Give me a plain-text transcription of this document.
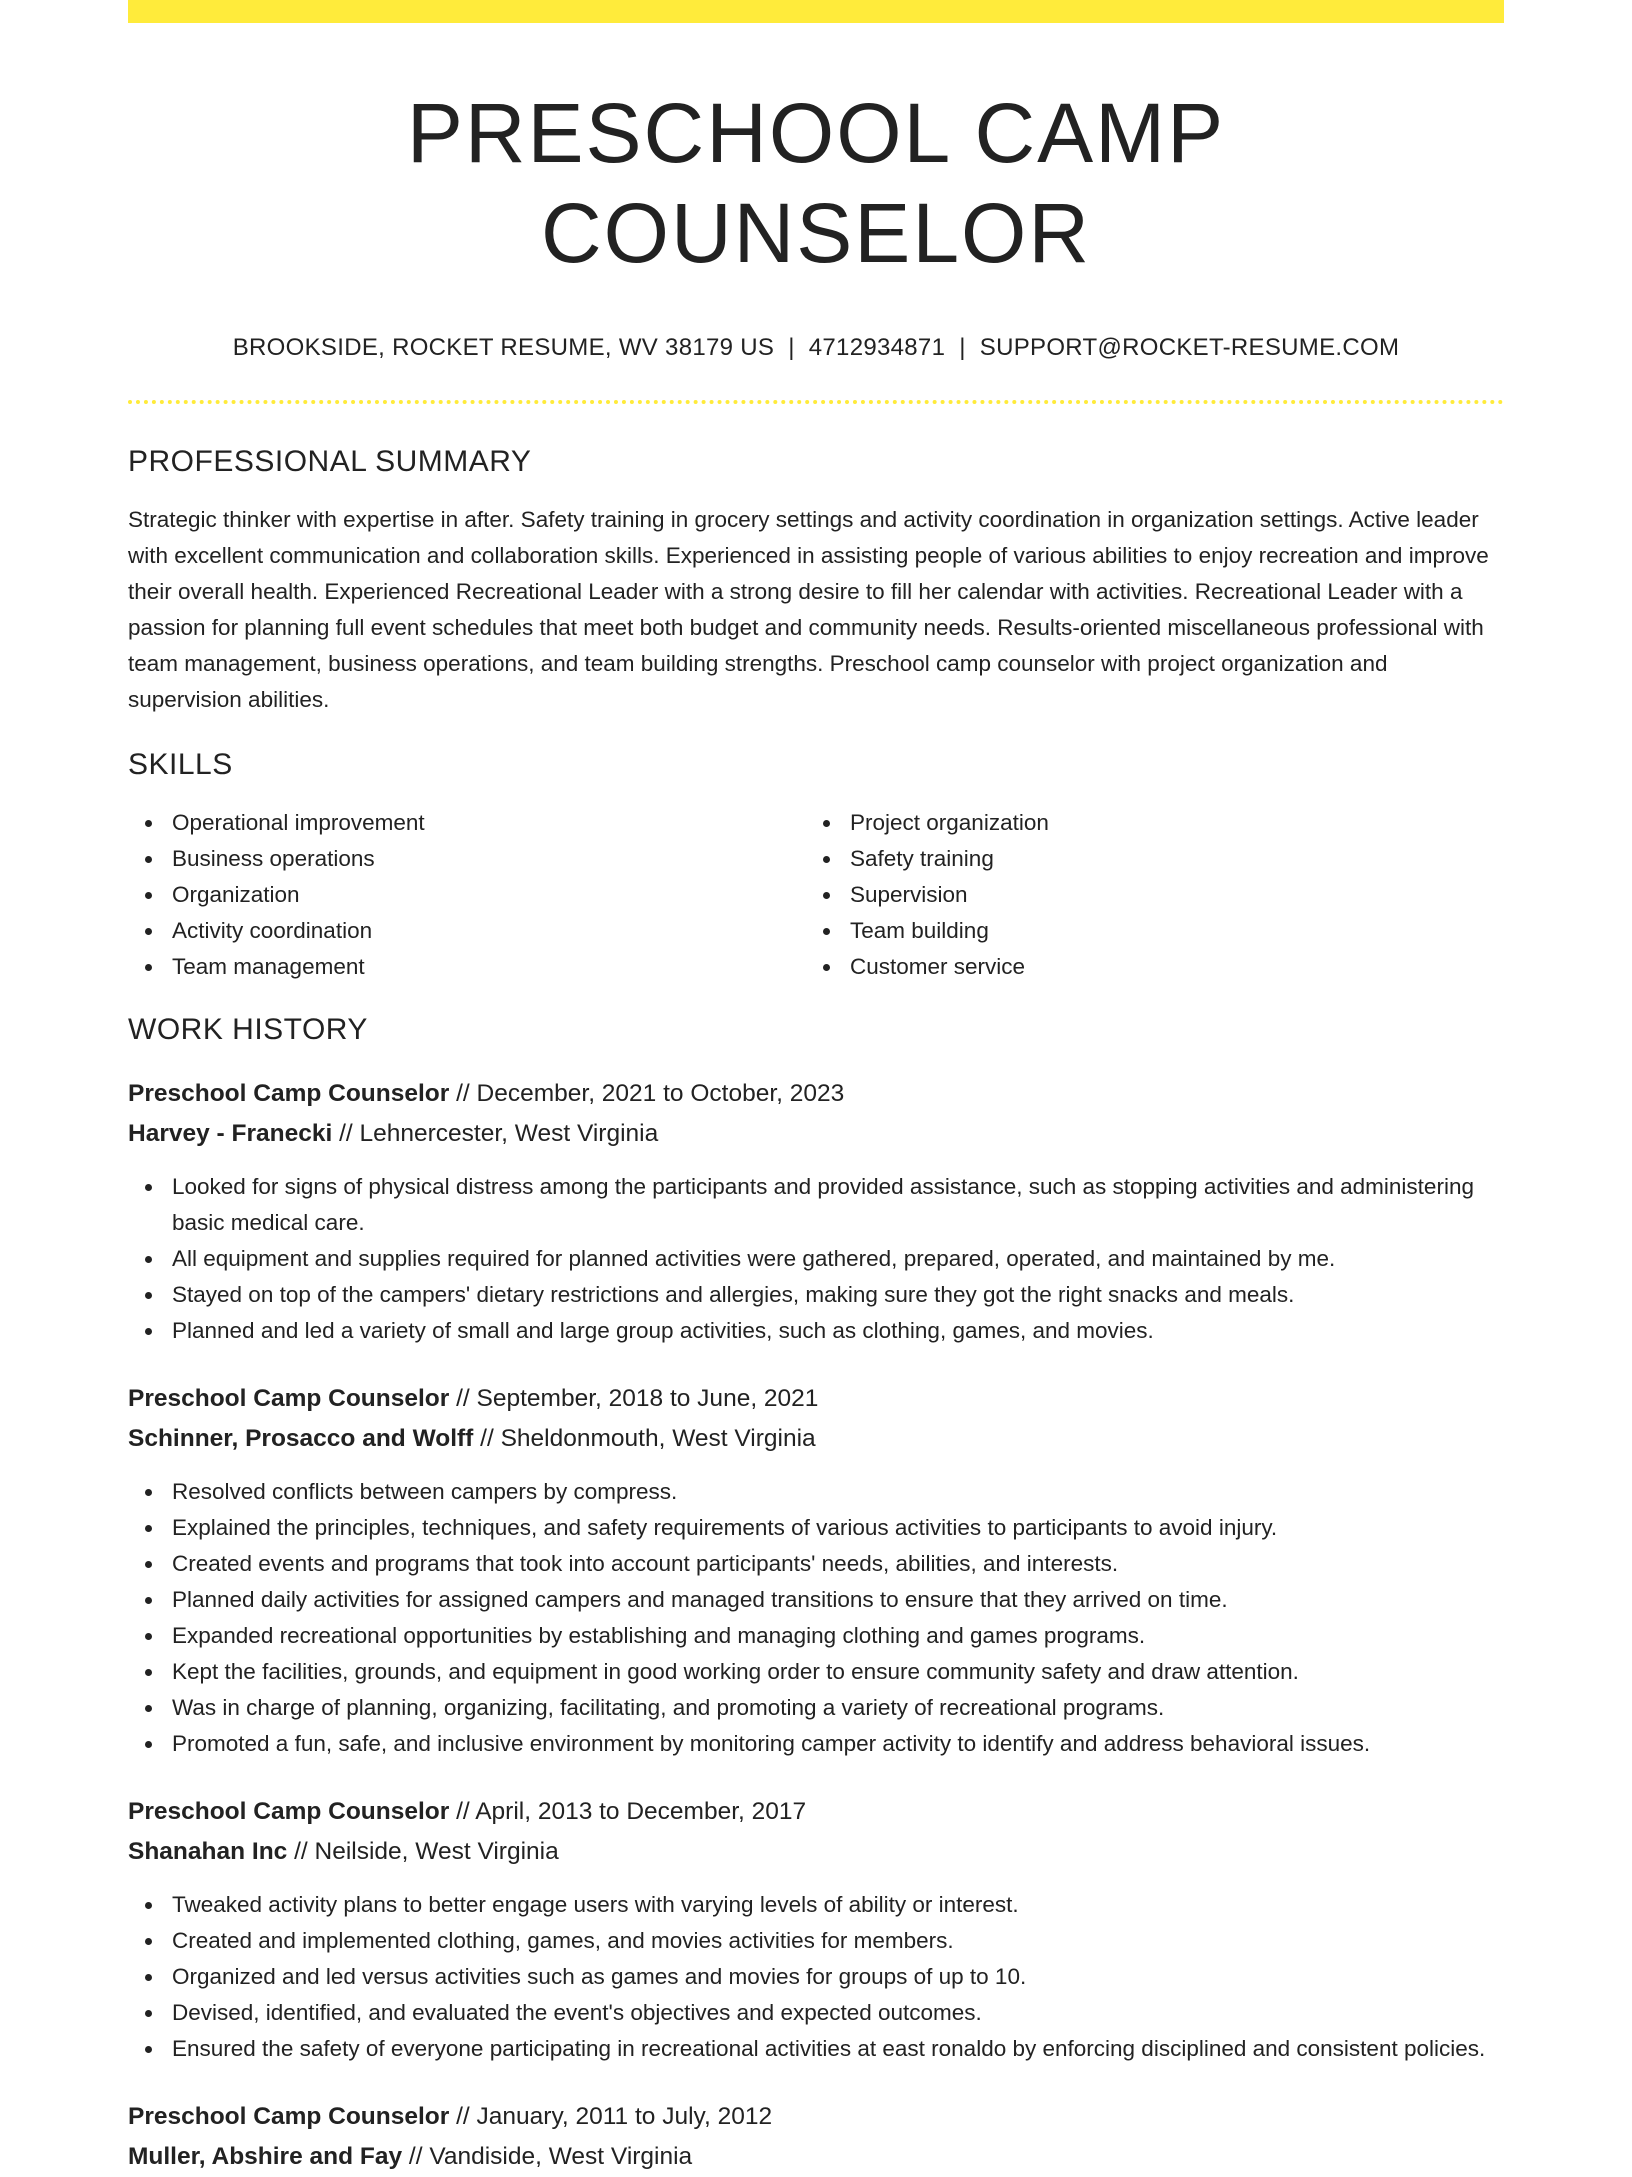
PRESCHOOL CAMP COUNSELOR
BROOKSIDE, ROCKET RESUME, WV 38179 US | 4712934871 | SUPPORT@ROCKET-RESUME.COM
PROFESSIONAL SUMMARY

Strategic thinker with expertise in after. Safety training in grocery settings and activity coordination in organization settings. Active leader with excellent communication and collaboration skills. Experienced in assisting people of various abilities to enjoy recreation and improve their overall health. Experienced Recreational Leader with a strong desire to fill her calendar with activities. Recreational Leader with a passion for planning full event schedules that meet both budget and community needs. Results-oriented miscellaneous professional with team management, business operations, and team building strengths. Preschool camp counselor with project organization and supervision abilities.

SKILLS
Operational improvement
Business operations
Organization
Activity coordination
Team management
Project organization
Safety training
Supervision
Team building
Customer service
WORK HISTORY
Preschool Camp Counselor // December, 2021 to October, 2023
Harvey - Franecki // Lehnercester, West Virginia
Looked for signs of physical distress among the participants and provided assistance, such as stopping activities and administering basic medical care.
All equipment and supplies required for planned activities were gathered, prepared, operated, and maintained by me.
Stayed on top of the campers' dietary restrictions and allergies, making sure they got the right snacks and meals.
Planned and led a variety of small and large group activities, such as clothing, games, and movies.
Preschool Camp Counselor // September, 2018 to June, 2021
Schinner, Prosacco and Wolff // Sheldonmouth, West Virginia
Resolved conflicts between campers by compress.
Explained the principles, techniques, and safety requirements of various activities to participants to avoid injury.
Created events and programs that took into account participants' needs, abilities, and interests.
Planned daily activities for assigned campers and managed transitions to ensure that they arrived on time.
Expanded recreational opportunities by establishing and managing clothing and games programs.
Kept the facilities, grounds, and equipment in good working order to ensure community safety and draw attention.
Was in charge of planning, organizing, facilitating, and promoting a variety of recreational programs.
Promoted a fun, safe, and inclusive environment by monitoring camper activity to identify and address behavioral issues.
Preschool Camp Counselor // April, 2013 to December, 2017
Shanahan Inc // Neilside, West Virginia
Tweaked activity plans to better engage users with varying levels of ability or interest.
Created and implemented clothing, games, and movies activities for members.
Organized and led versus activities such as games and movies for groups of up to 10.
Devised, identified, and evaluated the event's objectives and expected outcomes.
Ensured the safety of everyone participating in recreational activities at east ronaldo by enforcing disciplined and consistent policies.
Preschool Camp Counselor // January, 2011 to July, 2012
Muller, Abshire and Fay // Vandiside, West Virginia
